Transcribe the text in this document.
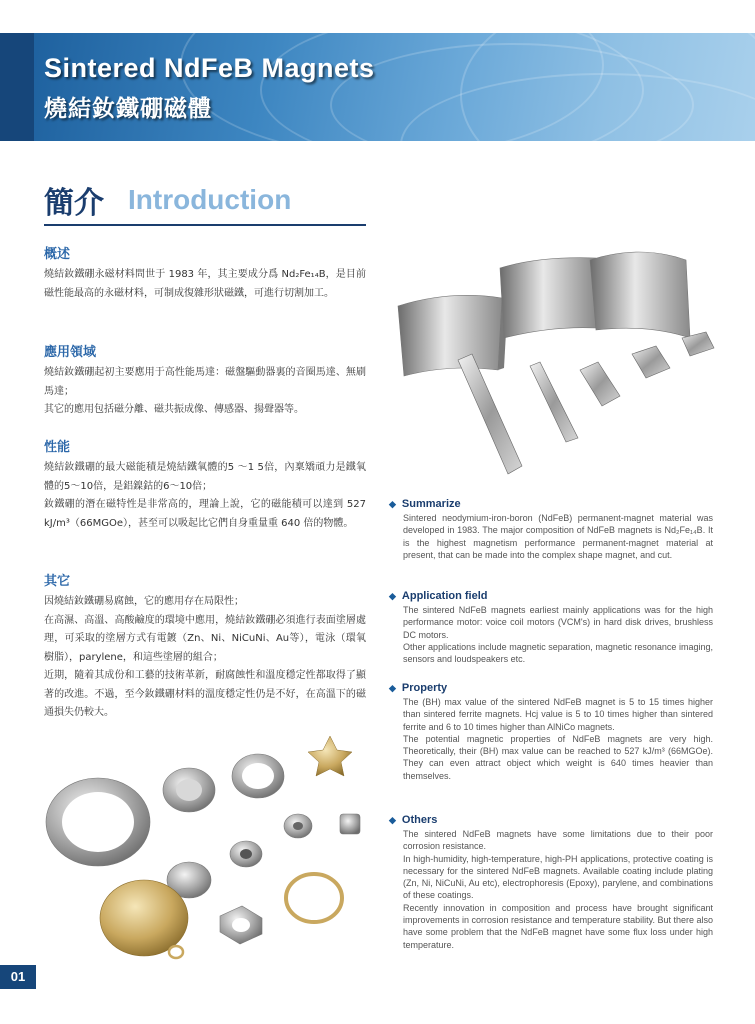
Sintered NdFeB Magnets
燒結釹鐵硼磁體
簡介 Introduction
概述

燒結釹鐵硼永磁材料問世于 1983 年，其主要成分爲 Nd₂Fe₁₄B，是目前磁性能最高的永磁材料，可制成復雜形狀磁鐵，可進行切割加工。

應用領域

燒結釹鐵硼起初主要應用于高性能馬達：磁盤驅動器裏的音圈馬達、無刷馬達；

其它的應用包括磁分離、磁共振成像、傳感器、揚聲器等。

性能

燒結釹鐵硼的最大磁能積是燒結鐵氧體的5 ～1 5倍，內稟矯頑力是鐵氧體的5～10倍，是鋁鎳鈷的6～10倍；

釹鐵硼的潛在磁特性是非常高的，理論上說，它的磁能積可以達到 527 kJ/m³（66MGOe），甚至可以吸起比它們自身重量重 640 倍的物體。

其它

因燒結釹鐵硼易腐蝕，它的應用存在局限性；

在高濕、高溫、高酸鹼度的環境中應用，燒結釹鐵硼必須進行表面塗層處理，可采取的塗層方式有電鍍（Zn、Ni、NiCuNi、Au等），電泳（環氧樹脂），parylene，和這些塗層的組合；

近期，隨着其成份和工藝的技術革新，耐腐蝕性和溫度穩定性都取得了顯著的改進。不過，至今釹鐵硼材料的溫度穩定性仍是不好，在高溫下的磁通損失仍較大。

◆ Summarize

Sintered neodymium-iron-boron (NdFeB) permanent-magnet material was developed in 1983. The major composition of NdFeB magnets is Nd₂Fe₁₄B. It is the highest magnetism performance permanent-magnet material at present, that can be made into the complex shape magnet, and cut.

◆ Application field

The sintered NdFeB magnets earliest mainly applications was for the high performance motor: voice coil motors (VCM's) in hard disk drives, brushless DC motors.

Other applications include magnetic separation, magnetic resonance imaging, sensors and loudspeakers etc.

◆ Property

The (BH) max value of the sintered NdFeB magnet is 5 to 15 times higher than sintered ferrite magnets. Hcj value is 5 to 10 times higher than sintered ferrite and 6 to 10 times higher than AlNiCo magnets.

The potential magnetic properties of NdFeB magnets are very high. Theoretically, their (BH) max value can be reached to 527 kJ/m³ (66MGOe). They can even attract object which weight is 640 times heavier than themselves.

◆ Others

The sintered NdFeB magnets have some limitations due to their poor corrosion resistance.

In high-humidity, high-temperature, high-PH applications, protective coating is necessary for the sintered NdFeB magnets. Available coating include plating (Zn, Ni, NiCuNi, Au etc), electrophoresis (Epoxy), parylene, and combinations of these coatings.

Recently innovation in composition and process have brought significant improvements in corrosion resistance and temperature stability. But there also have some problem that the NdFeB magnet have some flux loss under high temperature.

01
